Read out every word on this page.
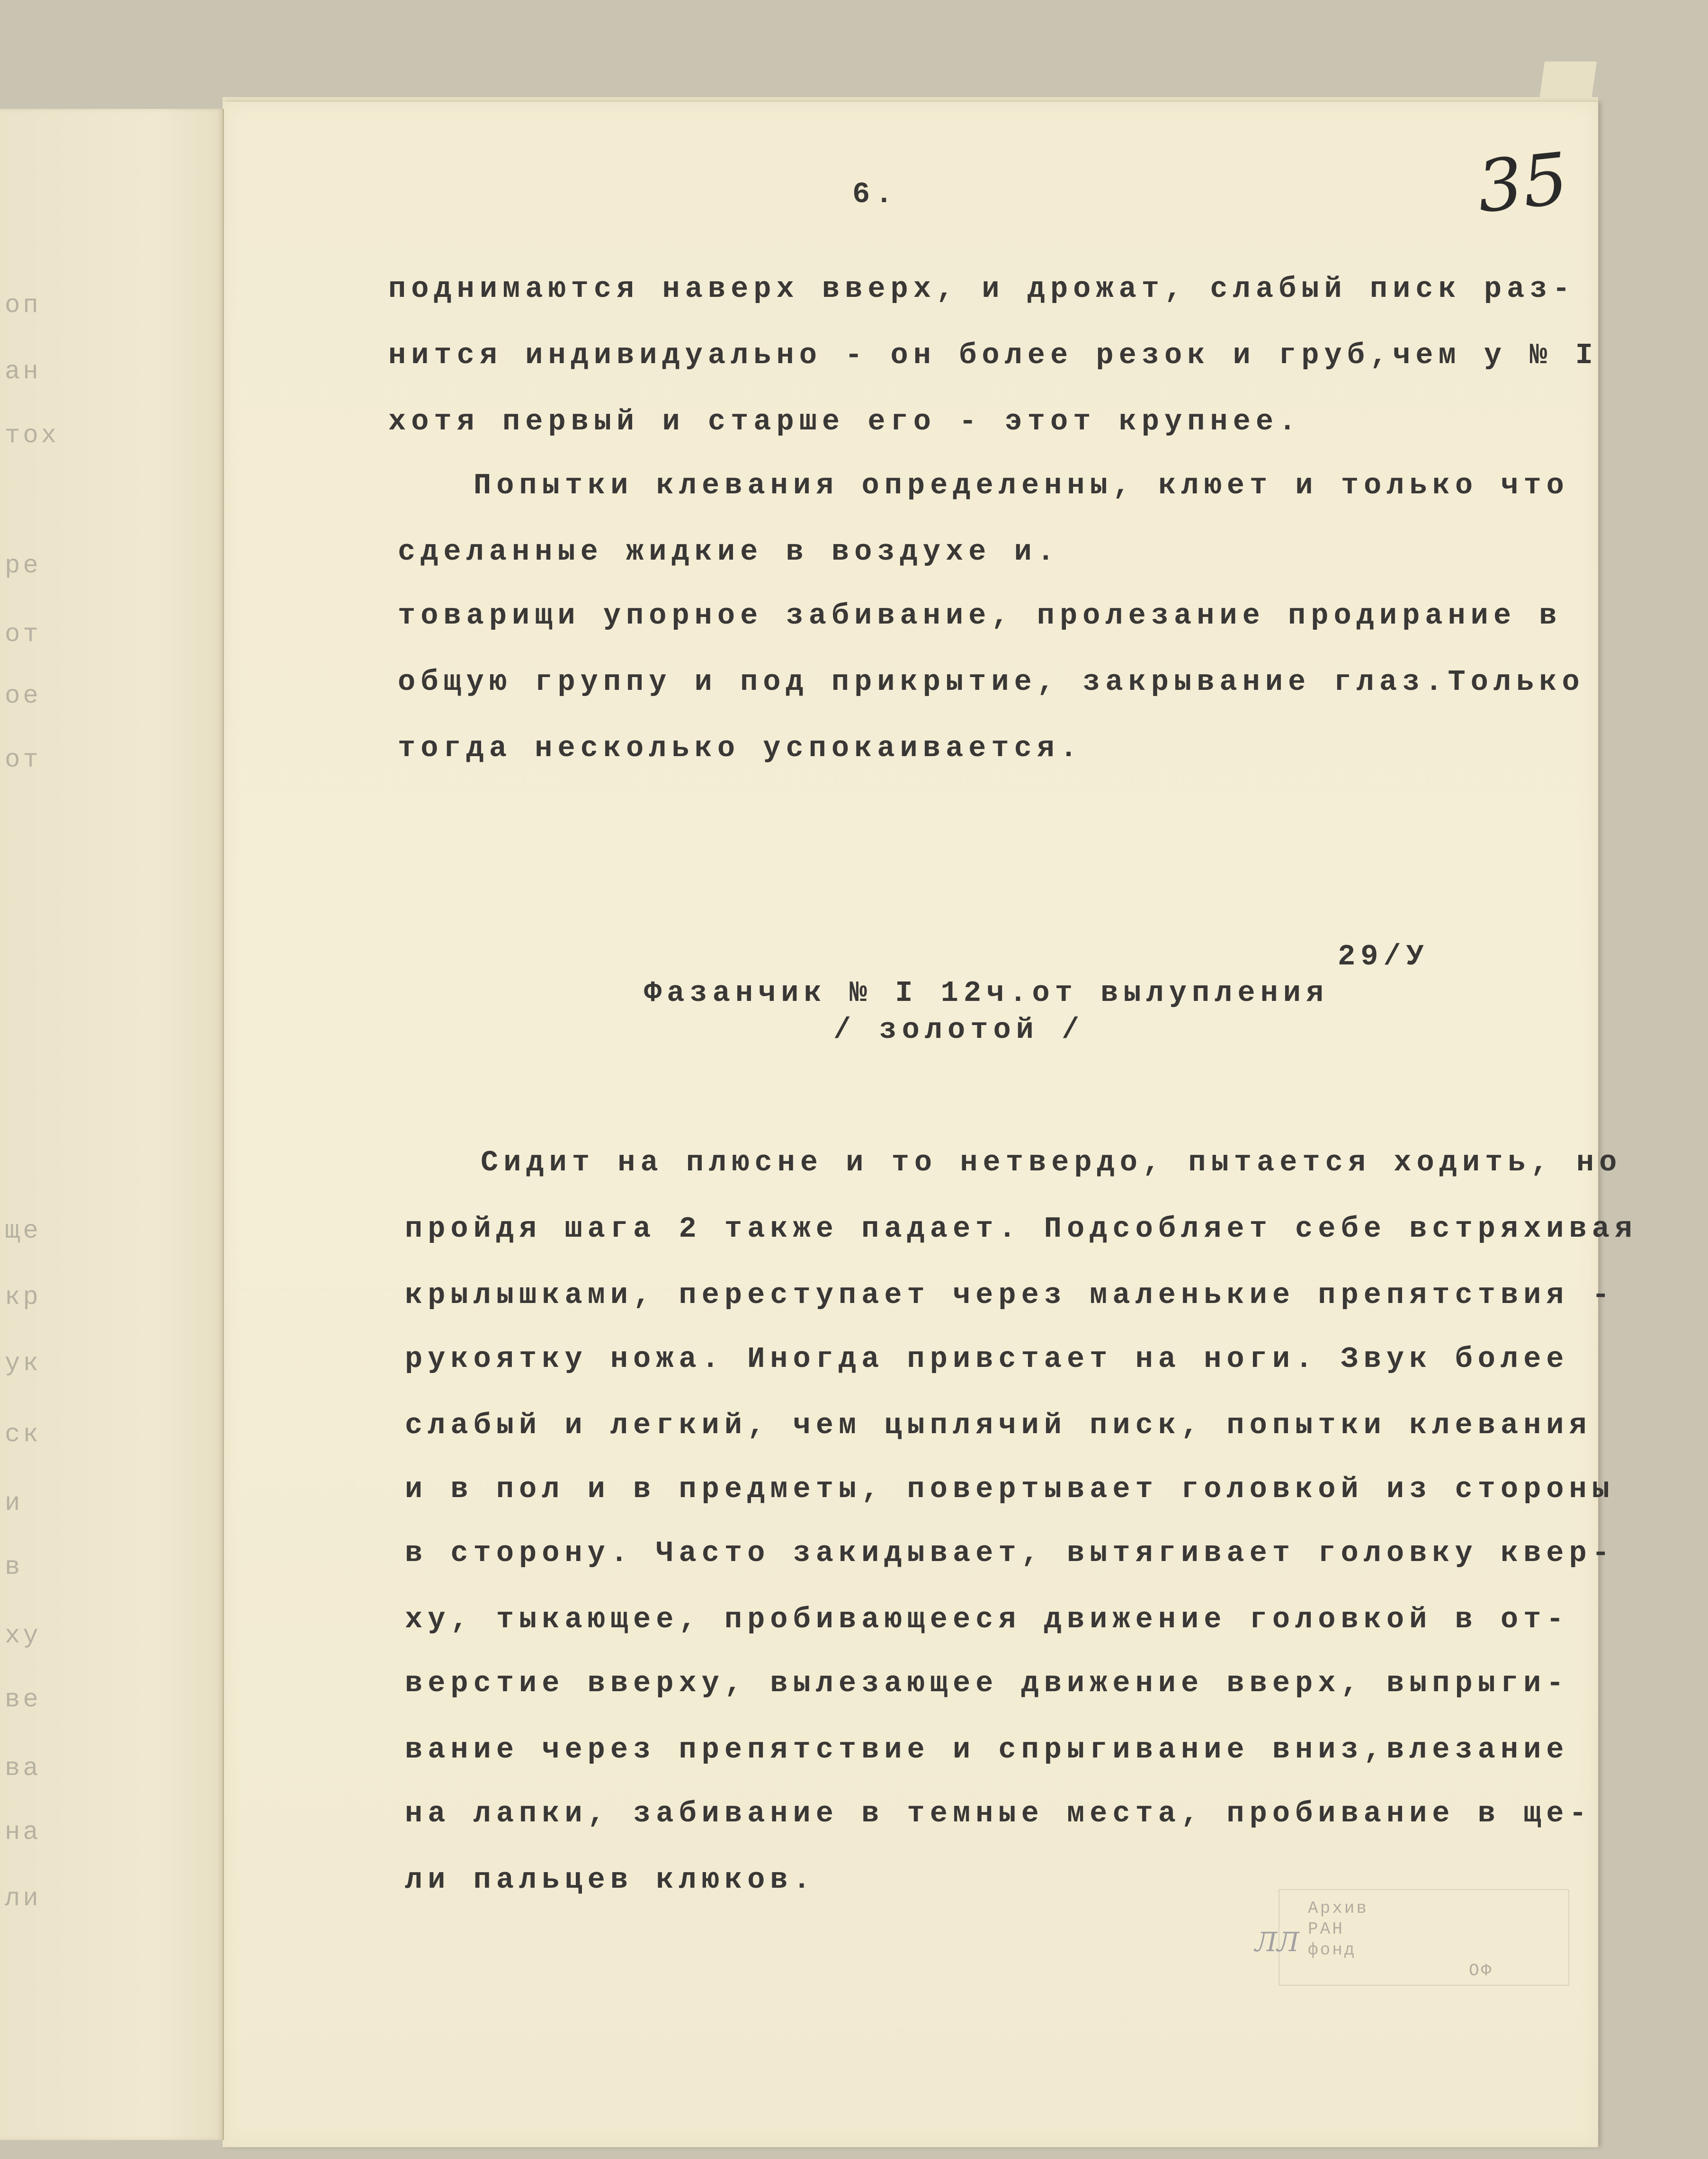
оп
ан
тох
ре
от
ое
от
ще
кр
ук
ск
и
в
ху
ве
ва
на
ли
35
6.
поднимаются наверх вверх, и дрожат, слабый писк раз-
нится индивидуально - он более резок и груб,чем у № I
хотя первый и старше его - этот крупнее.
Попытки клевания определенны, клюет и только что
сделанные жидкие в воздухе и.
товарищи упорное забивание, пролезание продирание в
общую группу и под прикрытие, закрывание глаз.Только
тогда несколько успокаивается.
29/У
Фазанчик № I 12ч.от вылупления
/ золотой /
Сидит на плюсне и то нетвердо, пытается ходить, но
пройдя шага 2 также падает. Подсобляет себе встряхивая
крылышками, переступает через маленькие препятствия -
рукоятку ножа. Иногда привстает на ноги. Звук более
слабый и легкий, чем цыплячий писк, попытки клевания
и в пол и в предметы, повертывает головкой из стороны
в сторону. Часто закидывает, вытягивает головку квер-
ху, тыкающее, пробивающееся движение головкой в от-
верстие вверху, вылезающее движение вверх, выпрыги-
вание через препятствие и спрыгивание вниз,влезание
на лапки, забивание в темные места, пробивание в ще-
ли пальцев клюков.
Архив
РАН
фонд
ОФ
ЛЛ
